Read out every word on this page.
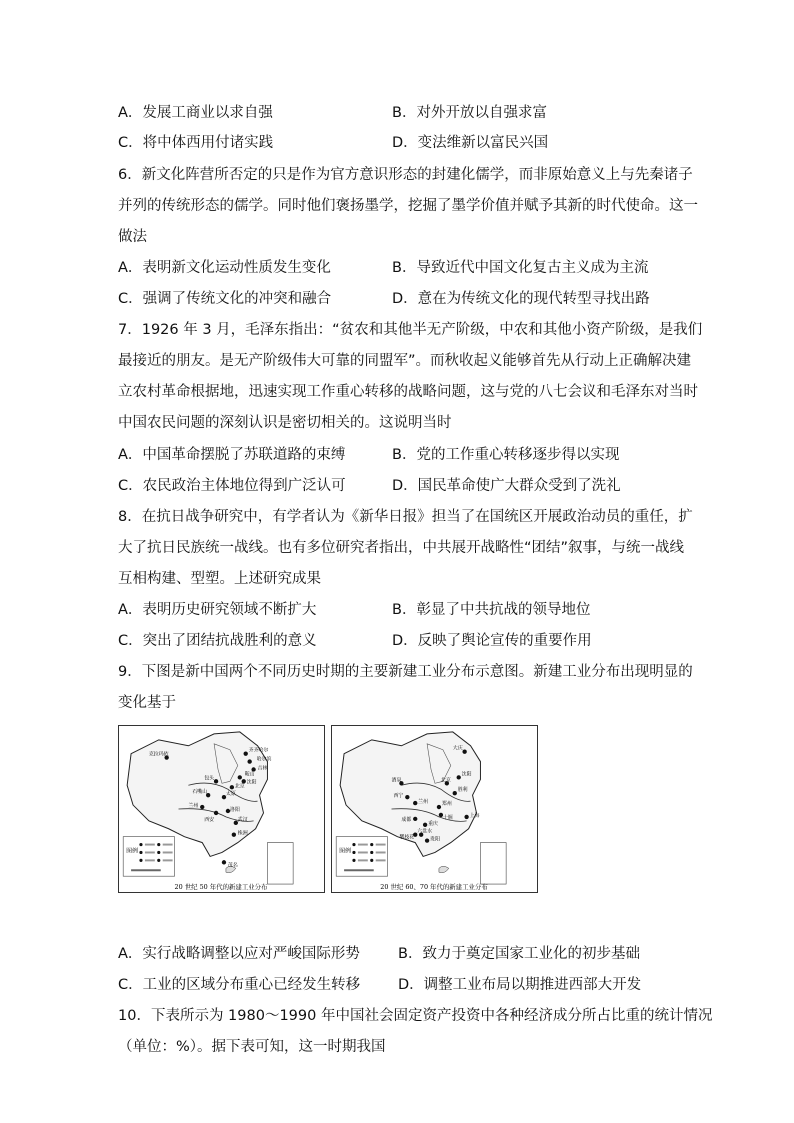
A．发展工商业以求自强	B．对外开放以自强求富
C．将中体西用付诸实践	D．变法维新以富民兴国
6．新文化阵营所否定的只是作为官方意识形态的封建化儒学，而非原始意义上与先秦诸子
并列的传统形态的儒学。同时他们褒扬墨学，挖掘了墨学价值并赋予其新的时代使命。这一
做法
A．表明新文化运动性质发生变化	B．导致近代中国文化复古主义成为主流
C．强调了传统文化的冲突和融合	D．意在为传统文化的现代转型寻找出路
7．1926 年 3 月，毛泽东指出：“贫农和其他半无产阶级，中农和其他小资产阶级，是我们
最接近的朋友。是无产阶级伟大可靠的同盟军”。而秋收起义能够首先从行动上正确解决建
立农村革命根据地，迅速实现工作重心转移的战略问题，这与党的八七会议和毛泽东对当时
中国农民问题的深刻认识是密切相关的。这说明当时
A．中国革命摆脱了苏联道路的束缚	B．党的工作重心转移逐步得以实现
C．农民政治主体地位得到广泛认可	D．国民革命使广大群众受到了洗礼
8．在抗日战争研究中，有学者认为《新华日报》担当了在国统区开展政治动员的重任，扩
大了抗日民族统一战线。也有多位研究者指出，中共展开战略性“团结”叙事，与统一战线
互相构建、型塑。上述研究成果
A．表明历史研究领域不断扩大	B．彰显了中共抗战的领导地位
C．突出了团结抗战胜利的意义	D．反映了舆论宣传的重要作用
9．下图是新中国两个不同历史时期的主要新建工业分布示意图。新建工业分布出现明显的
变化基于
图例
20 世纪 50 年代的新建工业分布
克拉玛依
齐齐哈尔
哈尔滨
吉林
鞍山
沈阳
包头
北京
太原
兰州
西安
洛阳
武汉
株洲
茂名
石嘴山
图例
20 世纪 60、70 年代的新建工业分布
大庆
酒泉
西宁
兰州
成都
重庆
攀枝花	贵阳
六盘水
郑州
上海
北京
沈阳
胜利
十堰
A．实行战略调整以应对严峻国际形势	B．致力于奠定国家工业化的初步基础
C．工业的区域分布重心已经发生转移	D．调整工业布局以期推进西部大开发
10．下表所示为 1980～1990 年中国社会固定资产投资中各种经济成分所占比重的统计情况
（单位：%）。据下表可知，这一时期我国
